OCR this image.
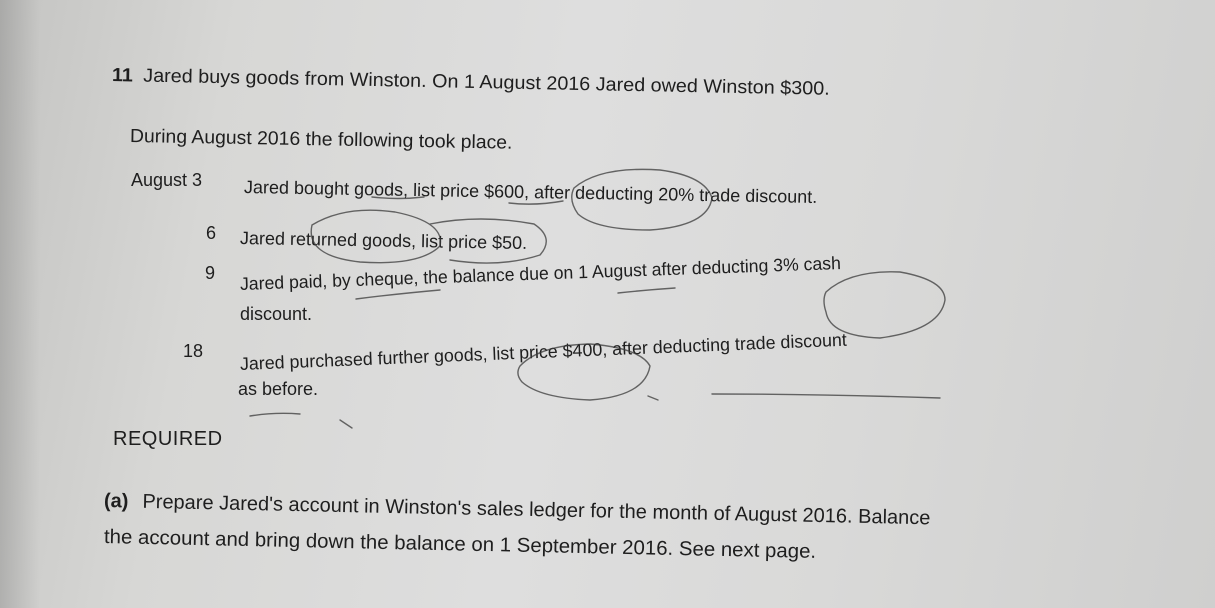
11 Jared buys goods from Winston. On 1 August 2016 Jared owed Winston $300.
During August 2016 the following took place.
August 3 Jared bought goods, list price $600, after deducting 20% trade discount.
6 Jared returned goods, list price $50.
9 Jared paid, by cheque, the balance due on 1 August after deducting 3% cash
discount.
18 Jared purchased further goods, list price $400, after deducting trade discount
as before.
REQUIRED
(a) Prepare Jared's account in Winston's sales ledger for the month of August 2016. Balance
the account and bring down the balance on 1 September 2016. See next page.
